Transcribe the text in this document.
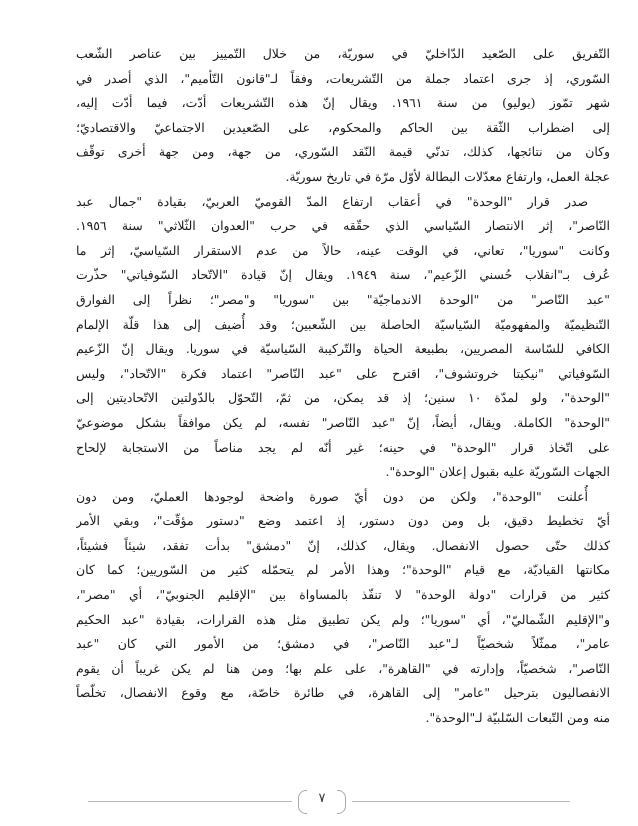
التّفريق على الصّعيد الدّاخليّ في سوريّة، من خلال التّمييز بين عناصر الشّعب
السّوري، إذ جرى اعتماد جملة من التّشريعات، وفقاً لـ"قانون التّأميم"، الذي أصدر في
شهر تمّوز (يوليو) من سنة ١٩٦١. ويقال إنّ هذه التّشريعات أدّت، فيما أدّت إليه،
إلى اضطراب الثّقة بين الحاكم والمحكوم، على الصّعيدين الاجتماعيّ والاقتصاديّ؛
وكان من نتائجها، كذلك، تدنّي قيمة النّقد السّوري، من جهة، ومن جهة أخرى توقّف
عجلة العمل، وارتفاع معدّلات البطالة لأوّل مرّة في تاريخ سوريّة.
صدر قرار "الوحدة" في أعقاب ارتفاع المدّ القوميّ العربيّ، بقيادة "جمال عبد
النّاصر"، إثر الانتصار السّياسي الذي حقّقه في حرب "العدوان الثّلاثي" سنة ١٩٥٦.
وكانت "سوريا"، تعاني، في الوقت عينه، حالاً من عدم الاستقرار السّياسيّ، إثر ما
عُرف بـ"انقلاب حُسني الزّعيم"، سنة ١٩٤٩. ويقال إنّ قيادة "الاتّحاد السّوفياتي" حذّرت
"عبد النّاصر" من "الوحدة الاندماجيّة" بين "سوريا" و"مصر"؛ نظراً إلى الفوارق
التّنظيميّة والمفهوميّة السّياسيّة الحاصلة بين الشّعبين؛ وقد أُضيف إلى هذا قلّة الإلمام
الكافي للسّاسة المصريين، بطبيعة الحياة والتّركيبة السّياسيّة في سوريا. ويقال إنّ الزّعيم
السّوفياتي "نيكيتا خروتشوف"، اقترح على "عبد النّاصر" اعتماد فكرة "الاتّحاد"، وليس
"الوحدة"، ولو لمدّة ١٠ سنين؛ إذ قد يمكن، من ثمّ، التّحوّل بالدّولتين الاتّحاديتين إلى
"الوحدة" الكاملة. ويقال، أيضاً، إنّ "عبد النّاصر" نفسه، لم يكن موافقاً بشكل موضوعيّ
على اتّخاذ قرار "الوحدة" في حينه؛ غير أنّه لم يجد مناصاً من الاستجابة لإلحاح
الجهات السّوريّة عليه بقبول إعلان "الوحدة".
أُعلنت "الوحدة"، ولكن من دون أيّ صورة واضحة لوجودها العمليّ، ومن دون
أيّ تخطيط دقيق، بل ومن دون دستور، إذ اعتمد وضع "دستور مؤقّت"، وبقي الأمر
كذلك حتّى حصول الانفصال. ويقال، كذلك، إنّ "دمشق" بدأت تفقد، شيئاً فشيئاً،
مكانتها القياديّة، مع قيام "الوحدة"؛ وهذا الأمر لم يتحمّله كثير من السّوريين؛ كما كان
كثير من قرارات "دولة الوحدة" لا تنفّذ بالمساواة بين "الإقليم الجنوبيّ"، أي "مصر"،
و"الإقليم الشّماليّ"، أي "سوريا"؛ ولم يكن تطبيق مثل هذه القرارات، بقيادة "عبد الحكيم
عامر"، ممثّلاً شخصيّاً لـ"عبد النّاصر"، في دمشق؛ من الأمور التي كان "عبد
النّاصر"، شخصيّاً، وإدارته في "القاهرة"، على علم بها؛ ومن هنا لم يكن غريباً أن يقوم
الانفصاليون بترحيل "عامر" إلى القاهرة، في طائرة خاصّة، مع وقوع الانفصال، تخلّصاً
منه ومن التّبعات السّلبيّة لـ"الوحدة".
٧
